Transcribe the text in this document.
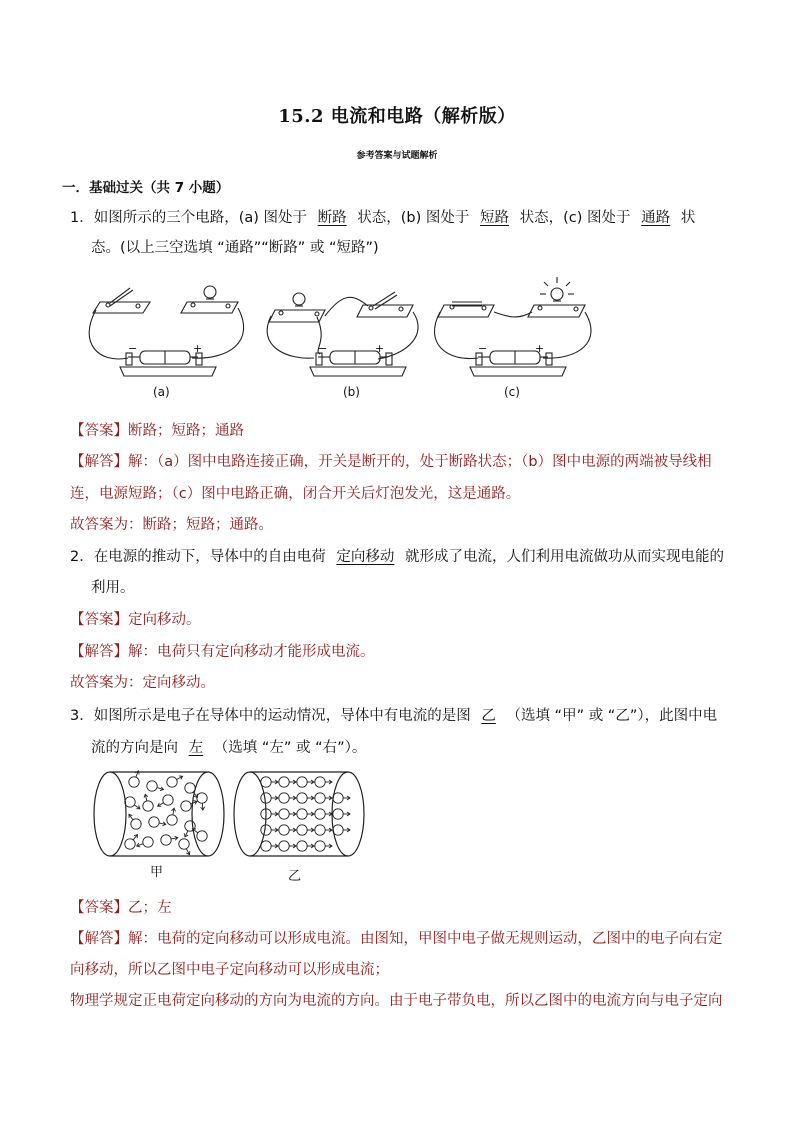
15.2 电流和电路（解析版）
参考答案与试题解析
一．基础过关（共 7 小题）
1．如图所示的三个电路，(a) 图处于 断路 状态，(b) 图处于 短路 状态，(c) 图处于 通路 状
态。(以上三空选填 “通路”“断路” 或 “短路”)
−	+	−	+	−	+
(a)	(b)	(c)
【答案】断路；短路；通路
【解答】解：（a）图中电路连接正确，开关是断开的，处于断路状态；（b）图中电源的两端被导线相
连，电源短路；（c）图中电路正确，闭合开关后灯泡发光，这是通路。
故答案为：断路；短路；通路。
2．在电源的推动下，导体中的自由电荷 定向移动 就形成了电流，人们利用电流做功从而实现电能的
利用。
【答案】定向移动。
【解答】解：电荷只有定向移动才能形成电流。
故答案为：定向移动。
3．如图所示是电子在导体中的运动情况，导体中有电流的是图 乙 （选填 “甲” 或 “乙”），此图中电
流的方向是向 左 （选填 “左” 或 “右”）。
甲	乙
【答案】乙；左
【解答】解：电荷的定向移动可以形成电流。由图知，甲图中电子做无规则运动，乙图中的电子向右定
向移动，所以乙图中电子定向移动可以形成电流；
物理学规定正电荷定向移动的方向为电流的方向。由于电子带负电，所以乙图中的电流方向与电子定向
